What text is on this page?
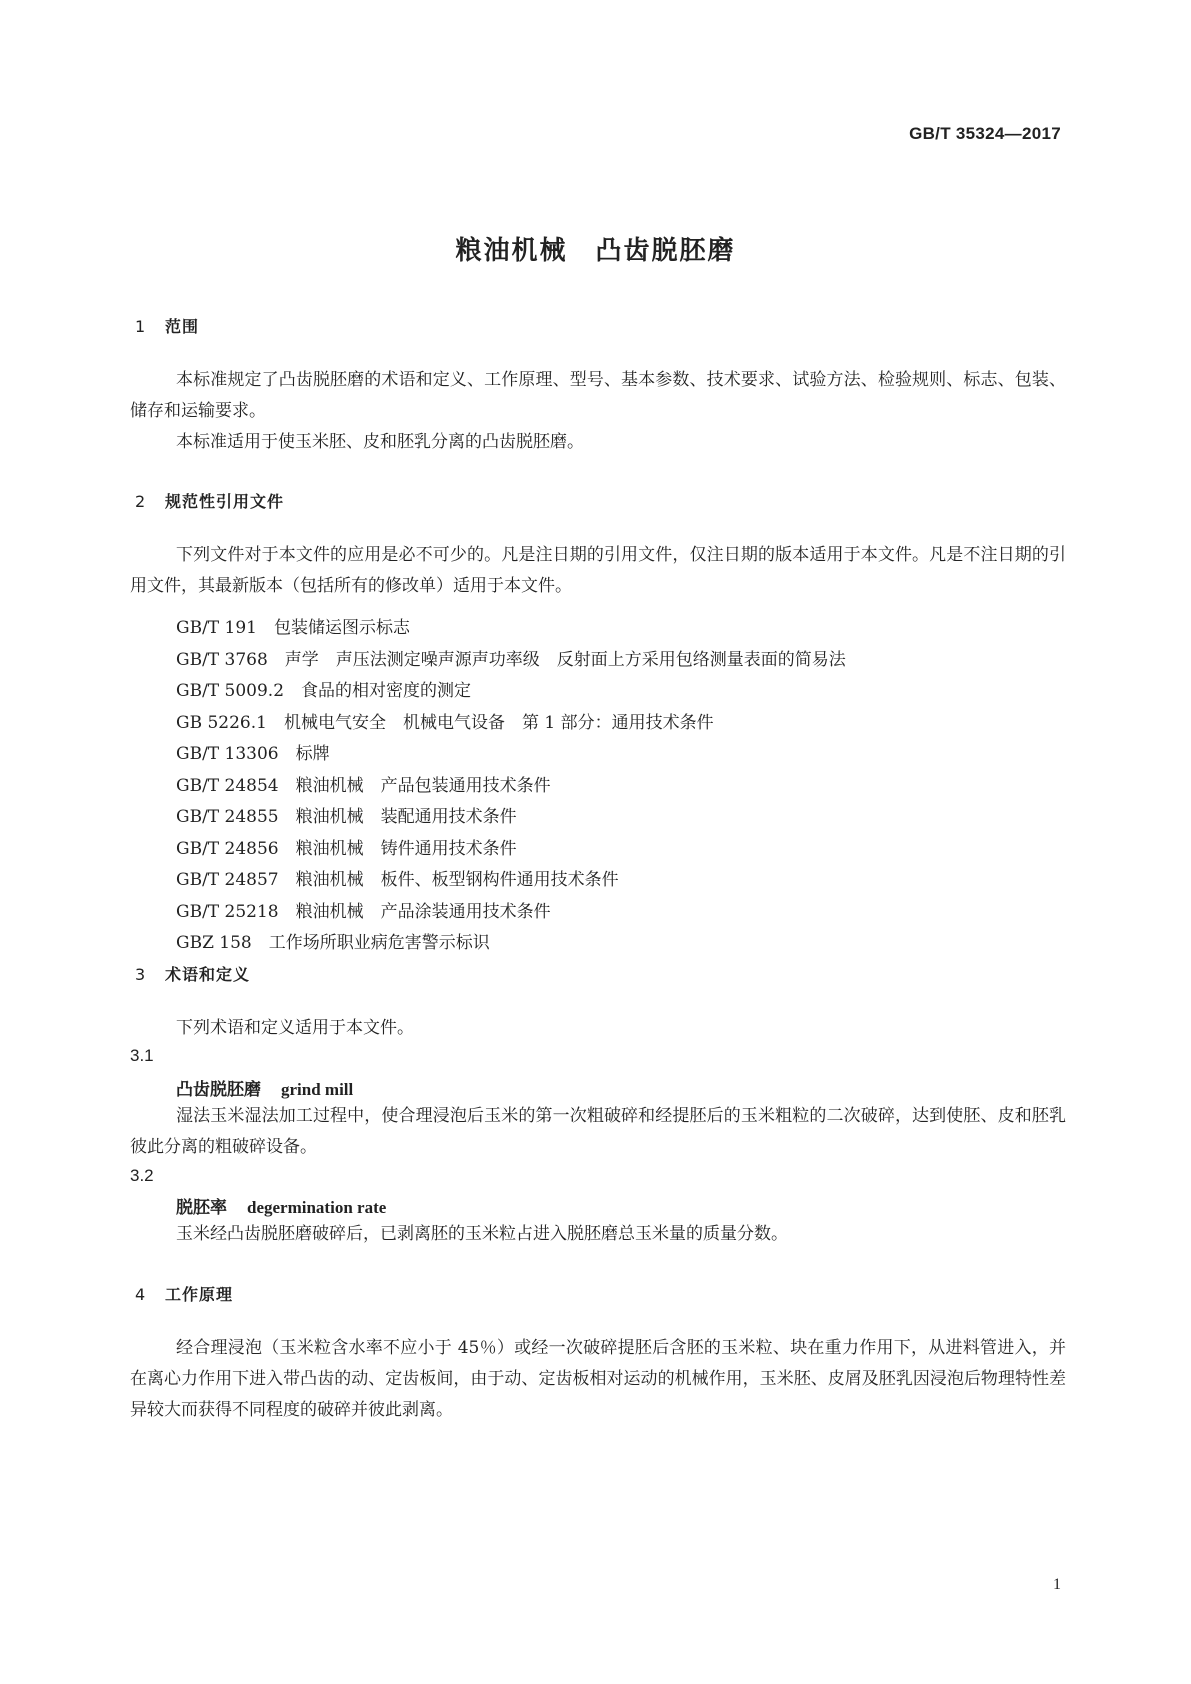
GB/T 35324—2017
粮油机械　凸齿脱胚磨
1 范围
本标准规定了凸齿脱胚磨的术语和定义、工作原理、型号、基本参数、技术要求、试验方法、检验规则、标志、包装、储存和运输要求。
本标准适用于使玉米胚、皮和胚乳分离的凸齿脱胚磨。
2 规范性引用文件
下列文件对于本文件的应用是必不可少的。凡是注日期的引用文件，仅注日期的版本适用于本文件。凡是不注日期的引用文件，其最新版本（包括所有的修改单）适用于本文件。
GB/T 191　包装储运图示标志
GB/T 3768　声学　声压法测定噪声源声功率级　反射面上方采用包络测量表面的简易法
GB/T 5009.2　食品的相对密度的测定
GB 5226.1　机械电气安全　机械电气设备　第 1 部分：通用技术条件
GB/T 13306　标牌
GB/T 24854　粮油机械　产品包装通用技术条件
GB/T 24855　粮油机械　装配通用技术条件
GB/T 24856　粮油机械　铸件通用技术条件
GB/T 24857　粮油机械　板件、板型钢构件通用技术条件
GB/T 25218　粮油机械　产品涂装通用技术条件
GBZ 158　工作场所职业病危害警示标识
3 术语和定义
下列术语和定义适用于本文件。
3.1
凸齿脱胚磨 grind mill
湿法玉米湿法加工过程中，使合理浸泡后玉米的第一次粗破碎和经提胚后的玉米粗粒的二次破碎，达到使胚、皮和胚乳彼此分离的粗破碎设备。
3.2
脱胚率 degermination rate
玉米经凸齿脱胚磨破碎后，已剥离胚的玉米粒占进入脱胚磨总玉米量的质量分数。
4 工作原理
经合理浸泡（玉米粒含水率不应小于 45％）或经一次破碎提胚后含胚的玉米粒、块在重力作用下，从进料管进入，并在离心力作用下进入带凸齿的动、定齿板间，由于动、定齿板相对运动的机械作用，玉米胚、皮屑及胚乳因浸泡后物理特性差异较大而获得不同程度的破碎并彼此剥离。
1
